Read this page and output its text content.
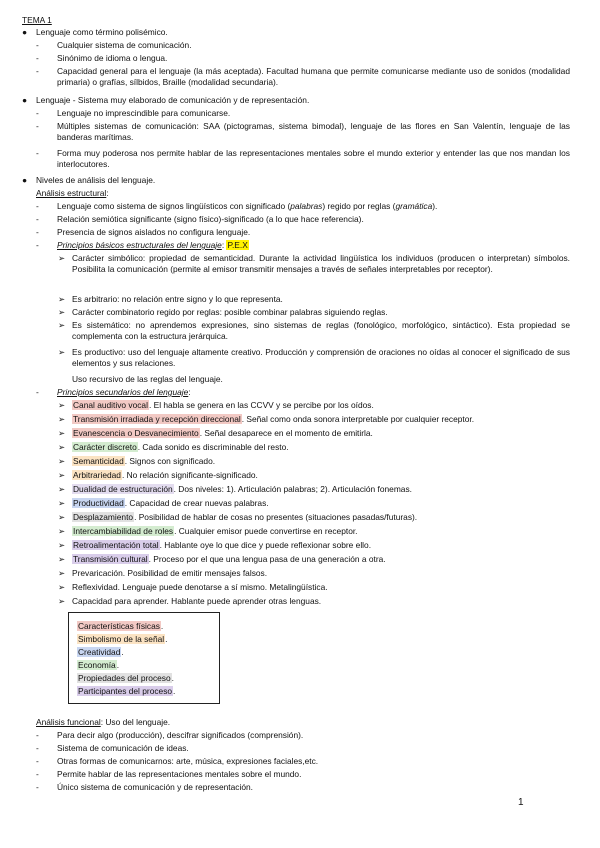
TEMA 1
● Lenguaje como término polisémico.
- Cualquier sistema de comunicación.
- Sinónimo de idioma o lengua.
- Capacidad general para el lenguaje (la más aceptada). Facultad humana que permite comunicarse mediante uso de sonidos (modalidad primaria) o grafías, sílbidos, Braille (modalidad secundaria).
● Lenguaje - Sistema muy elaborado de comunicación y de representación.
- Lenguaje no imprescindible para comunicarse.
- Múltiples sistemas de comunicación: SAA (pictogramas, sistema bimodal), lenguaje de las flores en San Valentín, lenguaje de las banderas marítimas.
- Forma muy poderosa nos permite hablar de las representaciones mentales sobre el mundo exterior y entender las que nos mandan los interlocutores.
● Niveles de análisis del lenguaje.
Análisis estructural:
- Lenguaje como sistema de signos lingüísticos con significado (palabras) regido por reglas (gramática).
- Relación semiótica significante (signo físico)-significado (a lo que hace referencia).
- Presencia de signos aislados no configura lenguaje.
- Principios básicos estructurales del lenguaje: P.E.X
➢ Carácter simbólico: propiedad de semanticidad. Durante la actividad lingüística los individuos (producen o interpretan) símbolos. Posibilita la comunicación (permite al emisor transmitir mensajes a través de señales interpretables por receptor).
➢ Es arbitrario: no relación entre signo y lo que representa.
➢ Carácter combinatorio regido por reglas: posible combinar palabras siguiendo reglas.
➢ Es sistemático: no aprendemos expresiones, sino sistemas de reglas (fonológico, morfológico, sintáctico). Esta propiedad se complementa con la estructura jerárquica.
➢ Es productivo: uso del lenguaje altamente creativo. Producción y comprensión de oraciones no oídas al conocer el significado de sus elementos y sus relaciones.
Uso recursivo de las reglas del lenguaje.
- Principios secundarios del lenguaje:
➢ Canal auditivo vocal. El habla se genera en las CCVV y se percibe por los oídos.
➢ Transmisión irradiada y recepción direccional. Señal como onda sonora interpretable por cualquier receptor.
➢ Evanescencia o Desvanecimiento. Señal desaparece en el momento de emitirla.
➢ Carácter discreto. Cada sonido es discriminable del resto.
➢ Semanticidad. Signos con significado.
➢ Arbitrariedad. No relación significante-significado.
➢ Dualidad de estructuración. Dos niveles: 1). Articulación palabras; 2). Articulación fonemas.
➢ Productividad. Capacidad de crear nuevas palabras.
➢ Desplazamiento. Posibilidad de hablar de cosas no presentes (situaciones pasadas/futuras).
➢ Intercambiabilidad de roles. Cualquier emisor puede convertirse en receptor.
➢ Retroalimentación total. Hablante oye lo que dice y puede reflexionar sobre ello.
➢ Transmisión cultural. Proceso por el que una lengua pasa de una generación a otra.
➢ Prevaricación. Posibilidad de emitir mensajes falsos.
➢ Reflexividad. Lenguaje puede denotarse a sí mismo. Metalingüística.
➢ Capacidad para aprender. Hablante puede aprender otras lenguas.
Características físicas.
Simbolismo de la señal.
Creatividad.
Economía.
Propiedades del proceso.
Participantes del proceso.
Análisis funcional: Uso del lenguaje.
- Para decir algo (producción), descifrar significados (comprensión).
- Sistema de comunicación de ideas.
- Otras formas de comunicarnos: arte, música, expresiones faciales,etc.
- Permite hablar de las representaciones mentales sobre el mundo.
- Único sistema de comunicación y de representación.
1
